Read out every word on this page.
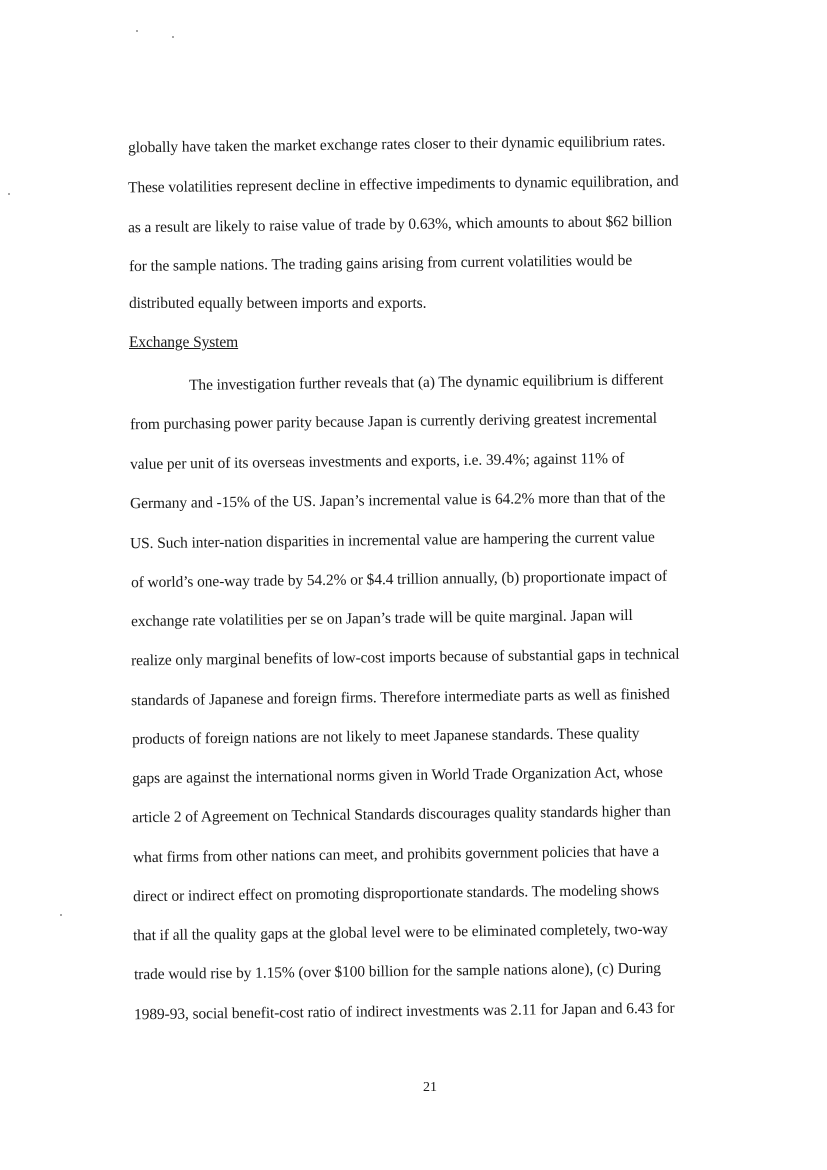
globally have taken the market exchange rates closer to their dynamic equilibrium rates.
These volatilities represent decline in effective impediments to dynamic equilibration, and
as a result are likely to raise value of trade by 0.63%, which amounts to about $62 billion
for the sample nations. The trading gains arising from current volatilities would be
distributed equally between imports and exports.
Exchange System
The investigation further reveals that (a) The dynamic equilibrium is different
from purchasing power parity because Japan is currently deriving greatest incremental
value per unit of its overseas investments and exports, i.e. 39.4%; against 11% of
Germany and -15% of the US. Japan’s incremental value is 64.2% more than that of the
US. Such inter-nation disparities in incremental value are hampering the current value
of world’s one-way trade by 54.2% or $4.4 trillion annually, (b) proportionate impact of
exchange rate volatilities per se on Japan’s trade will be quite marginal. Japan will
realize only marginal benefits of low-cost imports because of substantial gaps in technical
standards of Japanese and foreign firms. Therefore intermediate parts as well as finished
products of foreign nations are not likely to meet Japanese standards. These quality
gaps are against the international norms given in World Trade Organization Act, whose
article 2 of Agreement on Technical Standards discourages quality standards higher than
what firms from other nations can meet, and prohibits government policies that have a
direct or indirect effect on promoting disproportionate standards. The modeling shows
that if all the quality gaps at the global level were to be eliminated completely, two-way
trade would rise by 1.15% (over $100 billion for the sample nations alone), (c) During
1989-93, social benefit-cost ratio of indirect investments was 2.11 for Japan and 6.43 for
21
